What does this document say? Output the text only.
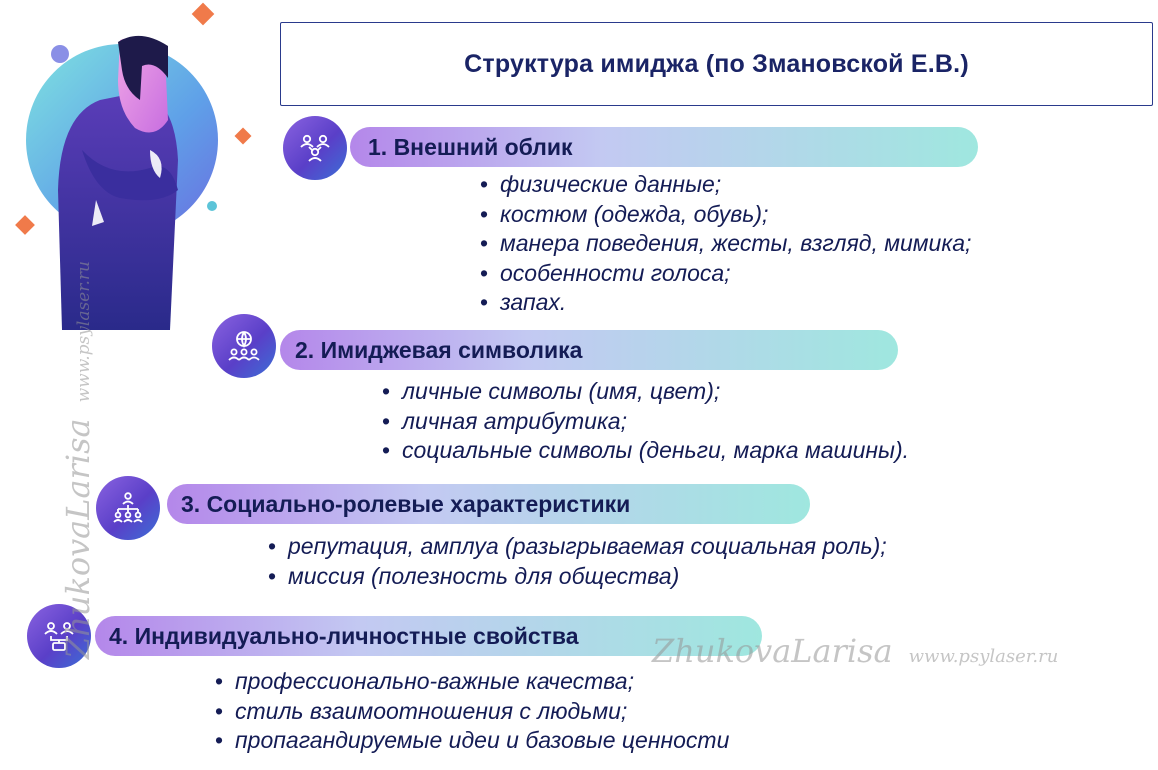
Структура имиджа (по Змановской Е.В.)
1. Внешний облик
• физические данные;
• костюм (одежда, обувь);
• манера поведения, жесты, взгляд, мимика;
• особенности голоса;
• запах.
2. Имиджевая символика
• личные символы (имя, цвет);
• личная атрибутика;
• социальные символы (деньги, марка машины).
3. Социально-ролевые характеристики
• репутация, амплуа (разыгрываемая социальная роль);
• миссия (полезность для общества)
4. Индивидуально-личностные свойства
• профессионально-важные качества;
• стиль взаимоотношения с людьми;
• пропагандируемые идеи и базовые ценности
ZhukovaLarisawww.psylaser.ru
ZhukovaLarisa www.psylaser.ru
